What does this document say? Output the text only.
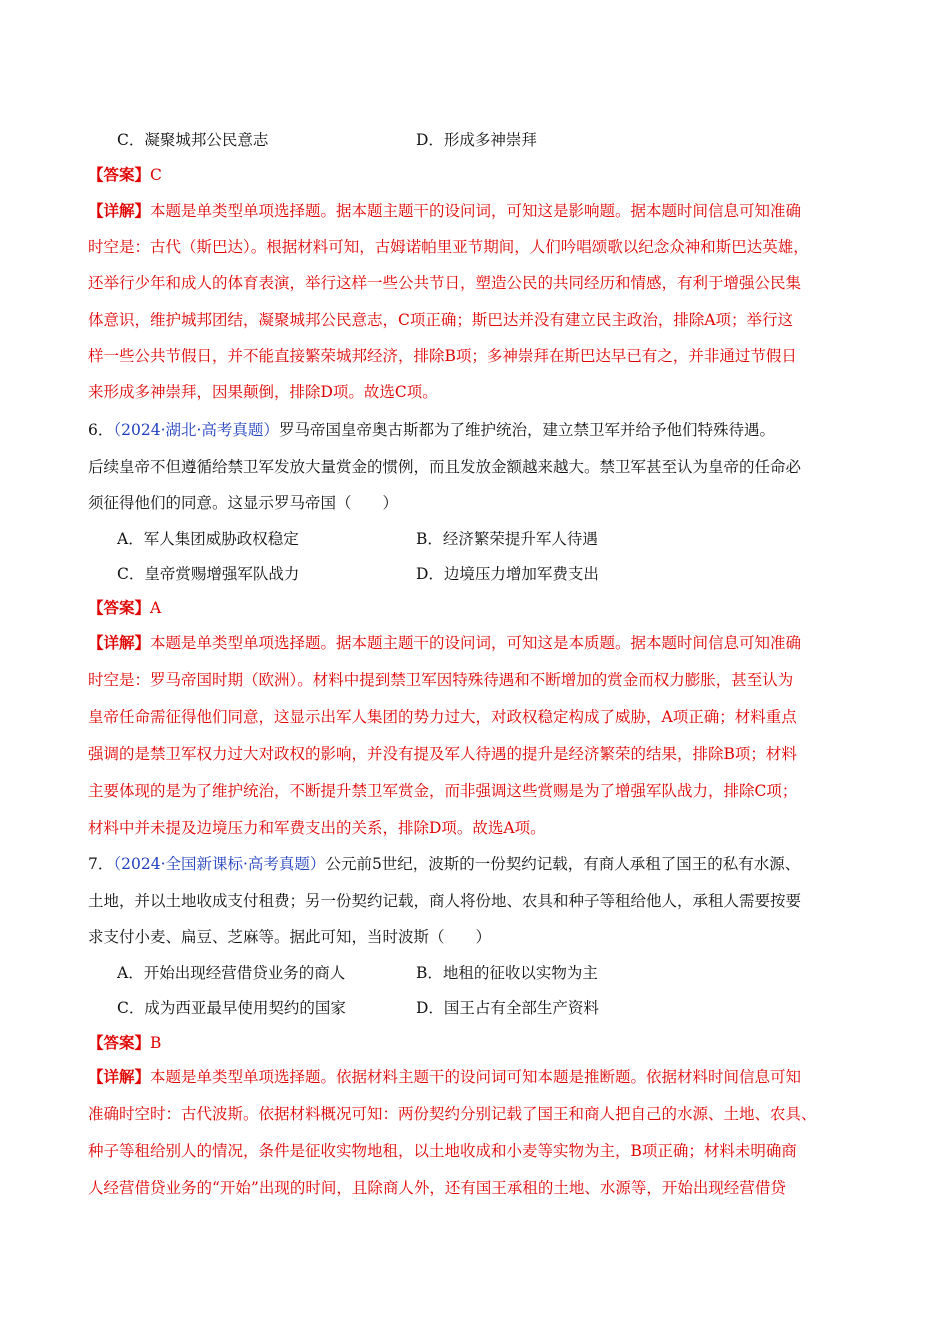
C．凝聚城邦公民意志	D．形成多神崇拜
【答案】C
【详解】本题是单类型单项选择题。据本题主题干的设问词，可知这是影响题。据本题时间信息可知准确
时空是：古代（斯巴达）。根据材料可知，古姆诺帕里亚节期间，人们吟唱颂歌以纪念众神和斯巴达英雄，
还举行少年和成人的体育表演，举行这样一些公共节日，塑造公民的共同经历和情感，有利于增强公民集
体意识，维护城邦团结，凝聚城邦公民意志，C项正确；斯巴达并没有建立民主政治，排除A项；举行这
样一些公共节假日，并不能直接繁荣城邦经济，排除B项；多神崇拜在斯巴达早已有之，并非通过节假日
来形成多神崇拜，因果颠倒，排除D项。故选C项。
6．（2024·湖北·高考真题）罗马帝国皇帝奥古斯都为了维护统治，建立禁卫军并给予他们特殊待遇。
后续皇帝不但遵循给禁卫军发放大量赏金的惯例，而且发放金额越来越大。禁卫军甚至认为皇帝的任命必
须征得他们的同意。这显示罗马帝国（　　）
A．军人集团威胁政权稳定	B．经济繁荣提升军人待遇
C．皇帝赏赐增强军队战力	D．边境压力增加军费支出
【答案】A
【详解】本题是单类型单项选择题。据本题主题干的设问词，可知这是本质题。据本题时间信息可知准确
时空是：罗马帝国时期（欧洲）。材料中提到禁卫军因特殊待遇和不断增加的赏金而权力膨胀，甚至认为
皇帝任命需征得他们同意，这显示出军人集团的势力过大，对政权稳定构成了威胁，A项正确；材料重点
强调的是禁卫军权力过大对政权的影响，并没有提及军人待遇的提升是经济繁荣的结果，排除B项；材料
主要体现的是为了维护统治，不断提升禁卫军赏金，而非强调这些赏赐是为了增强军队战力，排除C项；
材料中并未提及边境压力和军费支出的关系，排除D项。故选A项。
7．（2024·全国新课标·高考真题）公元前5世纪，波斯的一份契约记载，有商人承租了国王的私有水源、
土地，并以土地收成支付租费；另一份契约记载，商人将份地、农具和种子等租给他人，承租人需要按要
求支付小麦、扁豆、芝麻等。据此可知，当时波斯（　　）
A．开始出现经营借贷业务的商人	B．地租的征收以实物为主
C．成为西亚最早使用契约的国家	D．国王占有全部生产资料
【答案】B
【详解】本题是单类型单项选择题。依据材料主题干的设问词可知本题是推断题。依据材料时间信息可知
准确时空时：古代波斯。依据材料概况可知：两份契约分别记载了国王和商人把自己的水源、土地、农具、
种子等租给别人的情况，条件是征收实物地租，以土地收成和小麦等实物为主，B项正确；材料未明确商
人经营借贷业务的“开始”出现的时间，且除商人外，还有国王承租的土地、水源等，开始出现经营借贷
